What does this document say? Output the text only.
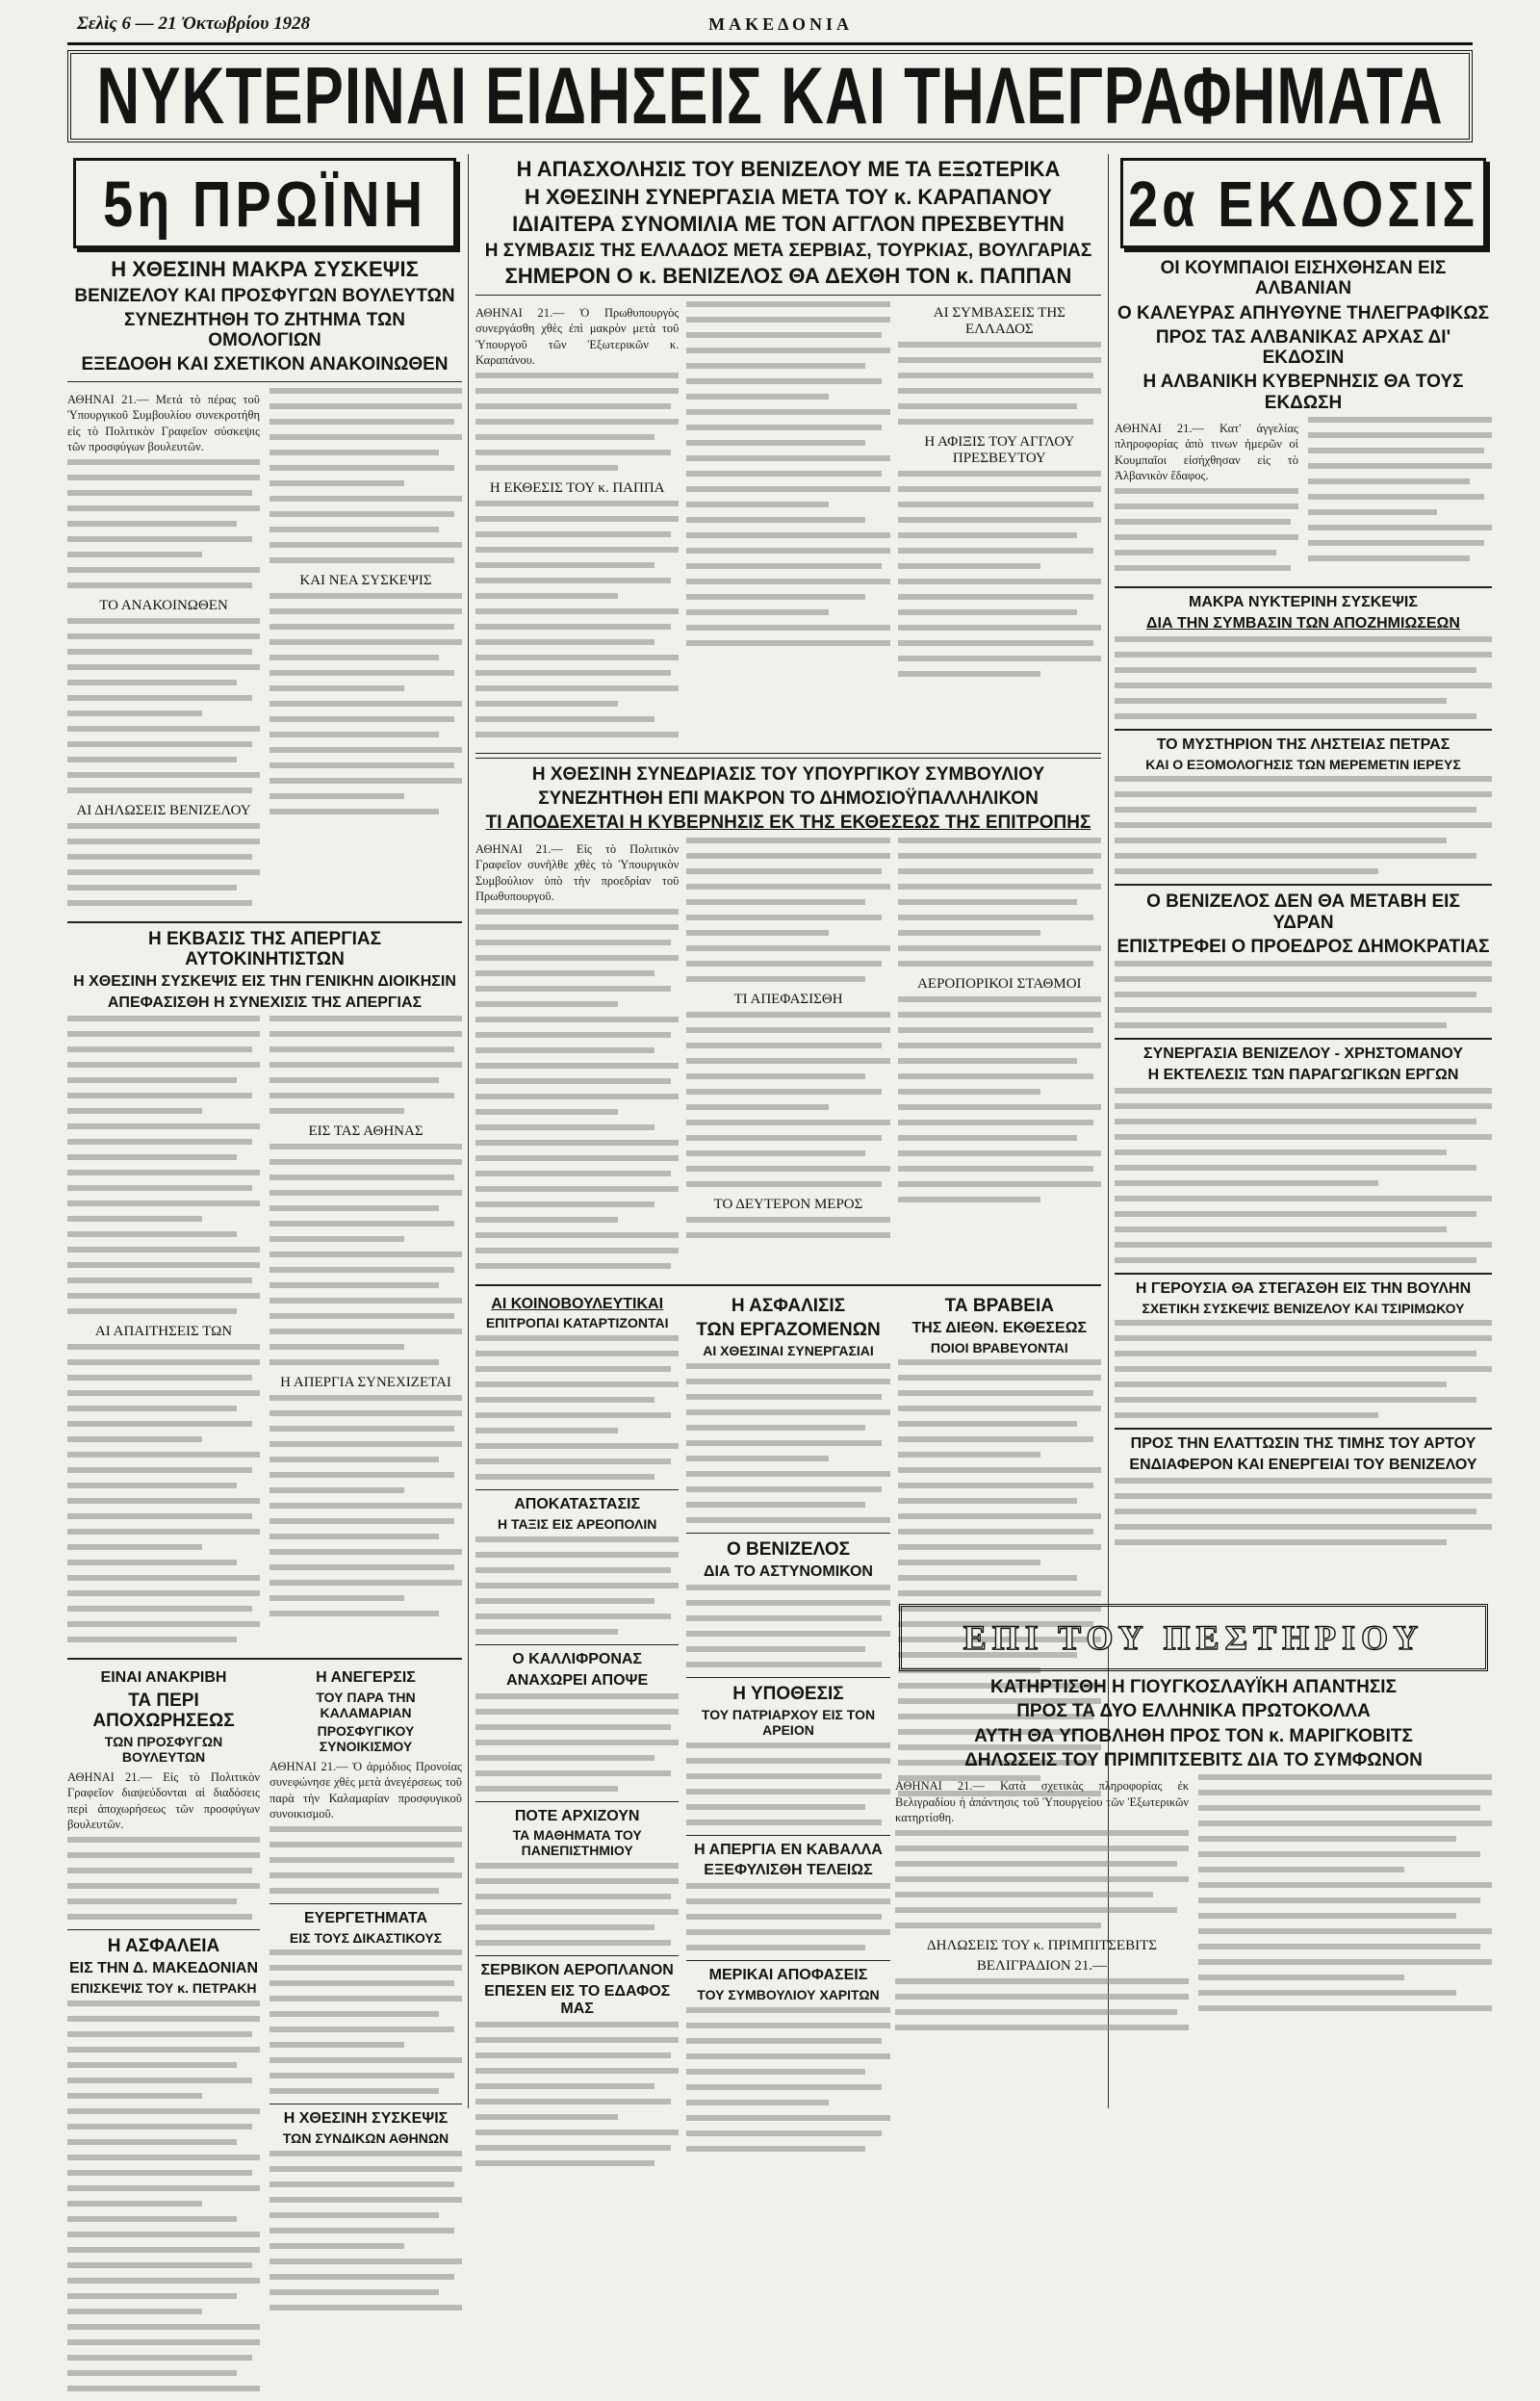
Σελὶς 6 — 21 Ὀκτωβρίου 1928	ΜΑΚΕΔΟΝΙΑ
ΝΥΚΤΕΡΙΝΑΙ ΕΙΔΗΣΕΙΣ ΚΑΙ ΤΗΛΕΓΡΑΦΗΜΑΤΑ
5η ΠΡΩΪΝΗ
Η ΧΘΕΣΙΝΗ ΜΑΚΡΑ ΣΥΣΚΕΨΙΣ
ΒΕΝΙΖΕΛΟΥ ΚΑΙ ΠΡΟΣΦΥΓΩΝ ΒΟΥΛΕΥΤΩΝ
ΣΥΝΕΖΗΤΗΘΗ ΤΟ ΖΗΤΗΜΑ ΤΩΝ ΟΜΟΛΟΓΙΩΝ
ΕΞΕΔΟΘΗ ΚΑΙ ΣΧΕΤΙΚΟΝ ΑΝΑΚΟΙΝΩΘΕΝ
ΑΘΗΝΑΙ 21.— Μετά τὸ πέρας τοῦ Ὑπουργικοῦ Συμβουλίου συνεκροτήθη εἰς τὸ Πολιτικὸν Γραφεῖον σύσκεψις τῶν προσφύγων βουλευτῶν.
ΤΟ ΑΝΑΚΟΙΝΩΘΕΝ
ΑΙ ΔΗΛΩΣΕΙΣ ΒΕΝΙΖΕΛΟΥ
ΚΑΙ ΝΕΑ ΣΥΣΚΕΨΙΣ
Η ΕΚΒΑΣΙΣ ΤΗΣ ΑΠΕΡΓΙΑΣ ΑΥΤΟΚΙΝΗΤΙΣΤΩΝ
Η ΧΘΕΣΙΝΗ ΣΥΣΚΕΨΙΣ ΕΙΣ ΤΗΝ ΓΕΝΙΚΗΝ ΔΙΟΙΚΗΣΙΝ
ΑΠΕΦΑΣΙΣΘΗ Η ΣΥΝΕΧΙΣΙΣ ΤΗΣ ΑΠΕΡΓΙΑΣ
ΑΙ ΑΠΑΙΤΗΣΕΙΣ ΤΩΝ
ΕΙΣ ΤΑΣ ΑΘΗΝΑΣ
Η ΑΠΕΡΓΙΑ ΣΥΝΕΧΙΖΕΤΑΙ
ΕΙΝΑΙ ΑΝΑΚΡΙΒΗ
ΤΑ ΠΕΡΙ ΑΠΟΧΩΡΗΣΕΩΣ
ΤΩΝ ΠΡΟΣΦΥΓΩΝ ΒΟΥΛΕΥΤΩΝ
ΑΘΗΝΑΙ 21.— Εἰς τὸ Πολιτικὸν Γραφεῖον διαψεύδονται αἱ διαδόσεις περὶ ἀποχωρήσεως τῶν προσφύγων βουλευτῶν.
Η ΑΣΦΑΛΕΙΑ
ΕΙΣ ΤΗΝ Δ. ΜΑΚΕΔΟΝΙΑΝ
ΕΠΙΣΚΕΨΙΣ ΤΟΥ κ. ΠΕΤΡΑΚΗ
Η ΑΝΕΓΕΡΣΙΣ
ΤΟΥ ΠΑΡΑ ΤΗΝ ΚΑΛΑΜΑΡΙΑΝ
ΠΡΟΣΦΥΓΙΚΟΥ ΣΥΝΟΙΚΙΣΜΟΥ
ΑΘΗΝΑΙ 21.— Ὁ ἀρμόδιος Προνοίας συνεφώνησε χθὲς μετὰ ἀνεγέρσεως τοῦ παρὰ τὴν Καλαμαρίαν προσφυγικοῦ συνοικισμοῦ.
ΕΥΕΡΓΕΤΗΜΑΤΑ
ΕΙΣ ΤΟΥΣ ΔΙΚΑΣΤΙΚΟΥΣ
Η ΧΘΕΣΙΝΗ ΣΥΣΚΕΨΙΣ
ΤΩΝ ΣΥΝΔΙΚΩΝ ΑΘΗΝΩΝ
Η ΑΠΑΣΧΟΛΗΣΙΣ ΤΟΥ ΒΕΝΙΖΕΛΟΥ ΜΕ ΤΑ ΕΞΩΤΕΡΙΚΑ
Η ΧΘΕΣΙΝΗ ΣΥΝΕΡΓΑΣΙΑ ΜΕΤΑ ΤΟΥ κ. ΚΑΡΑΠΑΝΟΥ
ΙΔΙΑΙΤΕΡΑ ΣΥΝΟΜΙΛΙΑ ΜΕ ΤΟΝ ΑΓΓΛΟΝ ΠΡΕΣΒΕΥΤΗΝ
Η ΣΥΜΒΑΣΙΣ ΤΗΣ ΕΛΛΑΔΟΣ ΜΕΤΑ ΣΕΡΒΙΑΣ, ΤΟΥΡΚΙΑΣ, ΒΟΥΛΓΑΡΙΑΣ
ΣΗΜΕΡΟΝ Ο κ. ΒΕΝΙΖΕΛΟΣ ΘΑ ΔΕΧΘΗ ΤΟΝ κ. ΠΑΠΠΑΝ
ΑΘΗΝΑΙ 21.— Ὁ Πρωθυπουργὸς συνεργάσθη χθὲς ἐπὶ μακρὸν μετὰ τοῦ Ὑπουργοῦ τῶν Ἐξωτερικῶν κ. Καραπάνου.
Η ΕΚΘΕΣΙΣ ΤΟΥ κ. ΠΑΠΠΑ
ΑΙ ΣΥΜΒΑΣΕΙΣ ΤΗΣ ΕΛΛΑΔΟΣ
Η ΑΦΙΞΙΣ ΤΟΥ ΑΓΓΛΟΥ ΠΡΕΣΒΕΥΤΟΥ
Η ΧΘΕΣΙΝΗ ΣΥΝΕΔΡΙΑΣΙΣ ΤΟΥ ΥΠΟΥΡΓΙΚΟΥ ΣΥΜΒΟΥΛΙΟΥ
ΣΥΝΕΖΗΤΗΘΗ ΕΠΙ ΜΑΚΡΟΝ ΤΟ ΔΗΜΟΣΙΟΫΠΑΛΛΗΛΙΚΟΝ
ΤΙ ΑΠΟΔΕΧΕΤΑΙ Η ΚΥΒΕΡΝΗΣΙΣ ΕΚ ΤΗΣ ΕΚΘΕΣΕΩΣ ΤΗΣ ΕΠΙΤΡΟΠΗΣ
ΑΘΗΝΑΙ 21.— Εἰς τὸ Πολιτικὸν Γραφεῖον συνῆλθε χθὲς τὸ Ὑπουργικὸν Συμβούλιον ὑπὸ τὴν προεδρίαν τοῦ Πρωθυπουργοῦ.
ΤΙ ΑΠΕΦΑΣΙΣΘΗ
ΤΟ ΔΕΥΤΕΡΟΝ ΜΕΡΟΣ
ΑΕΡΟΠΟΡΙΚΟΙ ΣΤΑΘΜΟΙ
ΑΙ ΚΟΙΝΟΒΟΥΛΕΥΤΙΚΑΙ
ΕΠΙΤΡΟΠΑΙ ΚΑΤΑΡΤΙΖΟΝΤΑΙ
ΑΠΟΚΑΤΑΣΤΑΣΙΣ
Η ΤΑΞΙΣ ΕΙΣ ΑΡΕΟΠΟΛΙΝ
Ο ΚΑΛΛΙΦΡΟΝΑΣ
ΑΝΑΧΩΡΕΙ ΑΠΟΨΕ
ΠΟΤΕ ΑΡΧΙΖΟΥΝ
ΤΑ ΜΑΘΗΜΑΤΑ ΤΟΥ ΠΑΝΕΠΙΣΤΗΜΙΟΥ
ΣΕΡΒΙΚΟΝ ΑΕΡΟΠΛΑΝΟΝ
ΕΠΕΣΕΝ ΕΙΣ ΤΟ ΕΔΑΦΟΣ ΜΑΣ
Η ΑΣΦΑΛΙΣΙΣ
ΤΩΝ ΕΡΓΑΖΟΜΕΝΩΝ
ΑΙ ΧΘΕΣΙΝΑΙ ΣΥΝΕΡΓΑΣΙΑΙ
Ο ΒΕΝΙΖΕΛΟΣ
ΔΙΑ ΤΟ ΑΣΤΥΝΟΜΙΚΟΝ
Η ΥΠΟΘΕΣΙΣ
ΤΟΥ ΠΑΤΡΙΑΡΧΟΥ ΕΙΣ ΤΟΝ ΑΡΕΙΟΝ
Η ΑΠΕΡΓΙΑ ΕΝ ΚΑΒΑΛΛΑ
ΕΞΕΦΥΛΙΣΘΗ ΤΕΛΕΙΩΣ
ΜΕΡΙΚΑΙ ΑΠΟΦΑΣΕΙΣ
ΤΟΥ ΣΥΜΒΟΥΛΙΟΥ ΧΑΡΙΤΩΝ
ΤΑ ΒΡΑΒΕΙΑ
ΤΗΣ ΔΙΕΘΝ. ΕΚΘΕΣΕΩΣ
ΠΟΙΟΙ ΒΡΑΒΕΥΟΝΤΑΙ
2α ΕΚΔΟΣΙΣ
ΟΙ ΚΟΥΜΠΑΙΟΙ ΕΙΣΗΧΘΗΣΑΝ ΕΙΣ ΑΛΒΑΝΙΑΝ
Ο ΚΑΛΕΥΡΑΣ ΑΠΗΥΘΥΝΕ ΤΗΛΕΓΡΑΦΙΚΩΣ
ΠΡΟΣ ΤΑΣ ΑΛΒΑΝΙΚΑΣ ΑΡΧΑΣ ΔΙ' ΕΚΔΟΣΙΝ
Η ΑΛΒΑΝΙΚΗ ΚΥΒΕΡΝΗΣΙΣ ΘΑ ΤΟΥΣ ΕΚΔΩΣΗ
ΑΘΗΝΑΙ 21.— Κατ' ἀγγελίας πληροφορίας ἀπὸ τινων ἡμερῶν οἱ Κουμπαῖοι εἰσήχθησαν εἰς τὸ Ἀλβανικὸν ἔδαφος.
ΜΑΚΡΑ ΝΥΚΤΕΡΙΝΗ ΣΥΣΚΕΨΙΣ
ΔΙΑ ΤΗΝ ΣΥΜΒΑΣΙΝ ΤΩΝ ΑΠΟΖΗΜΙΩΣΕΩΝ
ΤΟ ΜΥΣΤΗΡΙΟΝ ΤΗΣ ΛΗΣΤΕΙΑΣ ΠΕΤΡΑΣ
ΚΑΙ Ο ΕΞΟΜΟΛΟΓΗΣΙΣ ΤΩΝ ΜΕΡΕΜΕΤΙΝ ΙΕΡΕΥΣ
Ο ΒΕΝΙΖΕΛΟΣ ΔΕΝ ΘΑ ΜΕΤΑΒΗ ΕΙΣ ΥΔΡΑΝ
ΕΠΙΣΤΡΕΦΕΙ Ο ΠΡΟΕΔΡΟΣ ΔΗΜΟΚΡΑΤΙΑΣ
ΣΥΝΕΡΓΑΣΙΑ ΒΕΝΙΖΕΛΟΥ - ΧΡΗΣΤΟΜΑΝΟΥ
Η ΕΚΤΕΛΕΣΙΣ ΤΩΝ ΠΑΡΑΓΩΓΙΚΩΝ ΕΡΓΩΝ
Η ΓΕΡΟΥΣΙΑ ΘΑ ΣΤΕΓΑΣΘΗ ΕΙΣ ΤΗΝ ΒΟΥΛΗΝ
ΣΧΕΤΙΚΗ ΣΥΣΚΕΨΙΣ ΒΕΝΙΖΕΛΟΥ ΚΑΙ ΤΣΙΡΙΜΩΚΟΥ
ΠΡΟΣ ΤΗΝ ΕΛΑΤΤΩΣΙΝ ΤΗΣ ΤΙΜΗΣ ΤΟΥ ΑΡΤΟΥ
ΕΝΔΙΑΦΕΡΟΝ ΚΑΙ ΕΝΕΡΓΕΙΑΙ ΤΟΥ ΒΕΝΙΖΕΛΟΥ
ΕΠΙ ΤΟΥ ΠΕΣΤΗΡΙΟΥ
ΚΑΤΗΡΤΙΣΘΗ Η ΓΙΟΥΓΚΟΣΛΑΥΪΚΗ ΑΠΑΝΤΗΣΙΣ
ΠΡΟΣ ΤΑ ΔΥΟ ΕΛΛΗΝΙΚΑ ΠΡΩΤΟΚΟΛΛΑ
ΑΥΤΗ ΘΑ ΥΠΟΒΛΗΘΗ ΠΡΟΣ ΤΟΝ κ. ΜΑΡΙΓΚΟΒΙΤΣ
ΔΗΛΩΣΕΙΣ ΤΟΥ ΠΡΙΜΠΙΤΣΕΒΙΤΣ ΔΙΑ ΤΟ ΣΥΜΦΩΝΟΝ
ΑΘΗΝΑΙ 21.— Κατὰ σχετικὰς πληροφορίας ἐκ Βελιγραδίου ἡ ἀπάντησις τοῦ Ὑπουργείου τῶν Ἐξωτερικῶν κατηρτίσθη.
ΔΗΛΩΣΕΙΣ ΤΟΥ κ. ΠΡΙΜΠΙΤΣΕΒΙΤΣ
ΒΕΛΙΓΡΑΔΙΟΝ 21.—
